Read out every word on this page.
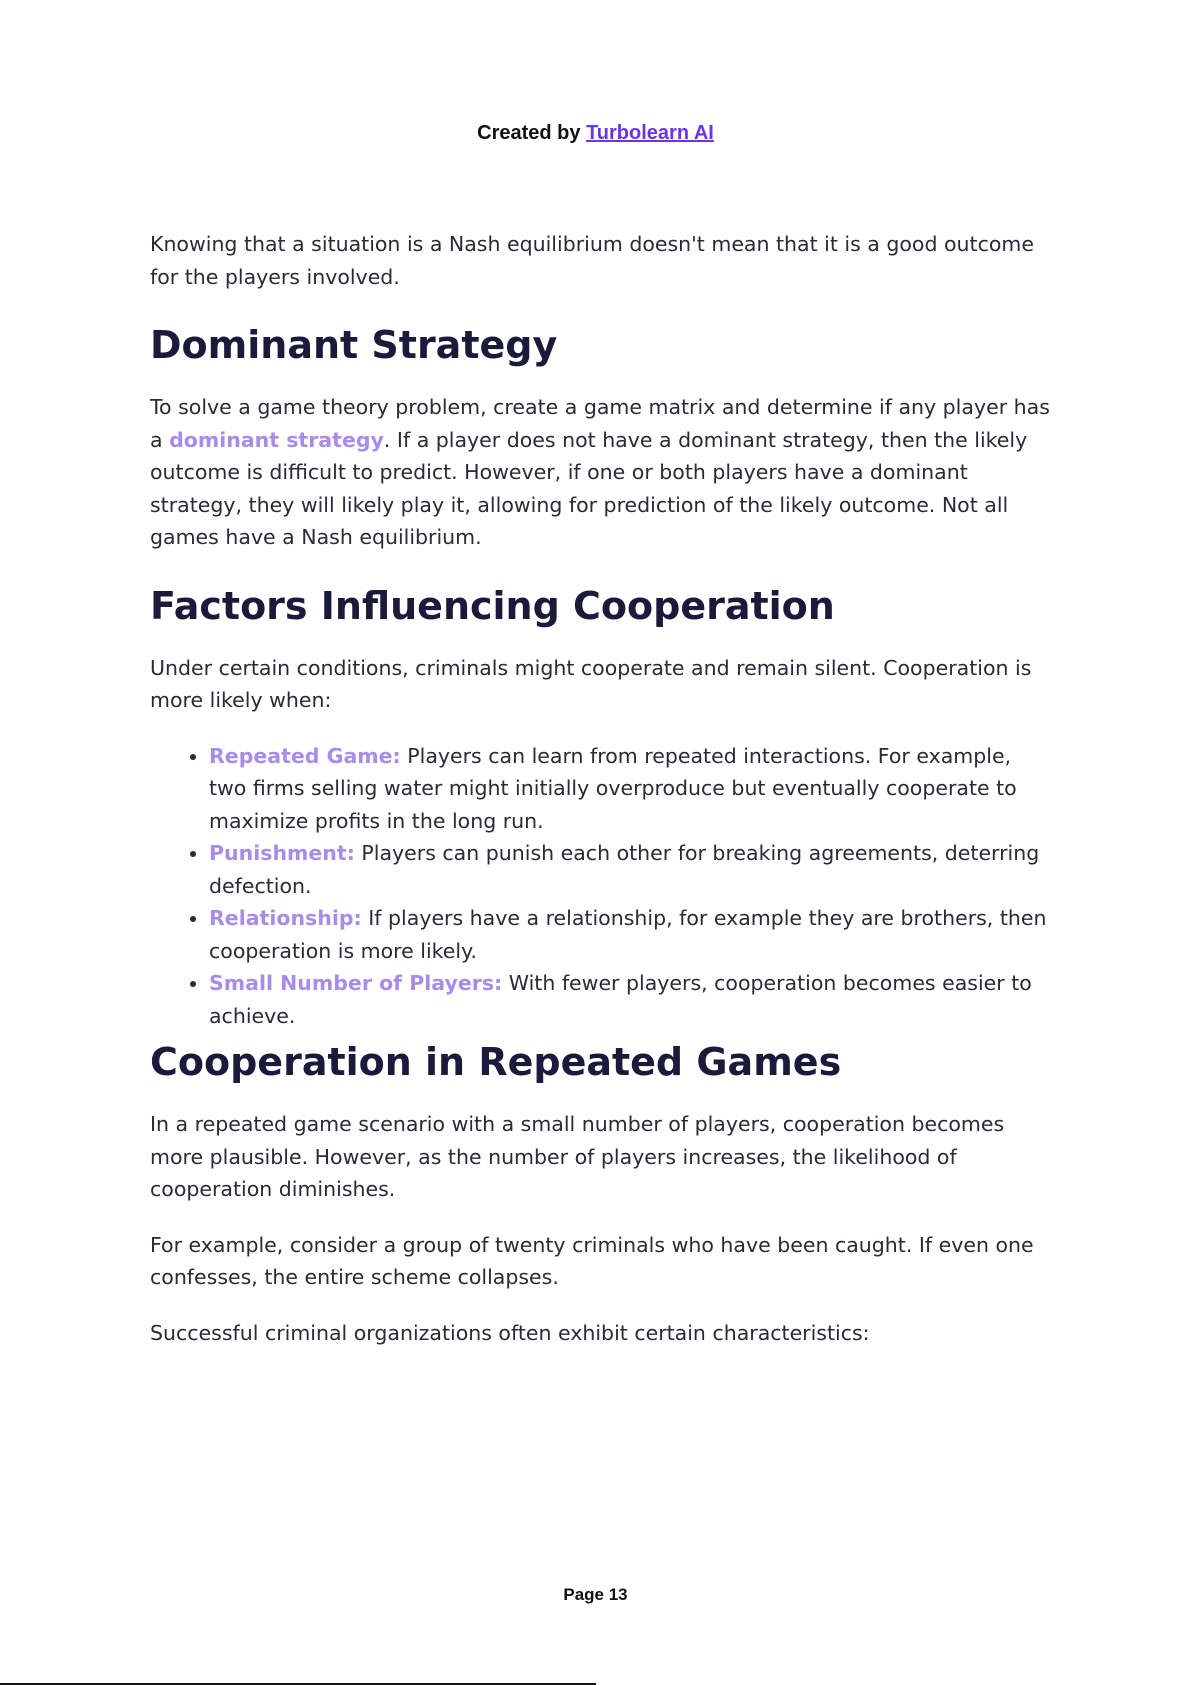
Created by Turbolearn AI

Knowing that a situation is a Nash equilibrium doesn't mean that it is a good outcome for the players involved.

Dominant Strategy

To solve a game theory problem, create a game matrix and determine if any player has a dominant strategy. If a player does not have a dominant strategy, then the likely outcome is difficult to predict. However, if one or both players have a dominant strategy, they will likely play it, allowing for prediction of the likely outcome. Not all games have a Nash equilibrium.

Factors Influencing Cooperation

Under certain conditions, criminals might cooperate and remain silent. Cooperation is more likely when:

• Repeated Game: Players can learn from repeated interactions. For example, two firms selling water might initially overproduce but eventually cooperate to maximize profits in the long run.
• Punishment: Players can punish each other for breaking agreements, deterring defection.
• Relationship: If players have a relationship, for example they are brothers, then cooperation is more likely.
• Small Number of Players: With fewer players, cooperation becomes easier to achieve.
Cooperation in Repeated Games

In a repeated game scenario with a small number of players, cooperation becomes more plausible. However, as the number of players increases, the likelihood of cooperation diminishes.

For example, consider a group of twenty criminals who have been caught. If even one confesses, the entire scheme collapses.

Successful criminal organizations often exhibit certain characteristics:

Page 13
